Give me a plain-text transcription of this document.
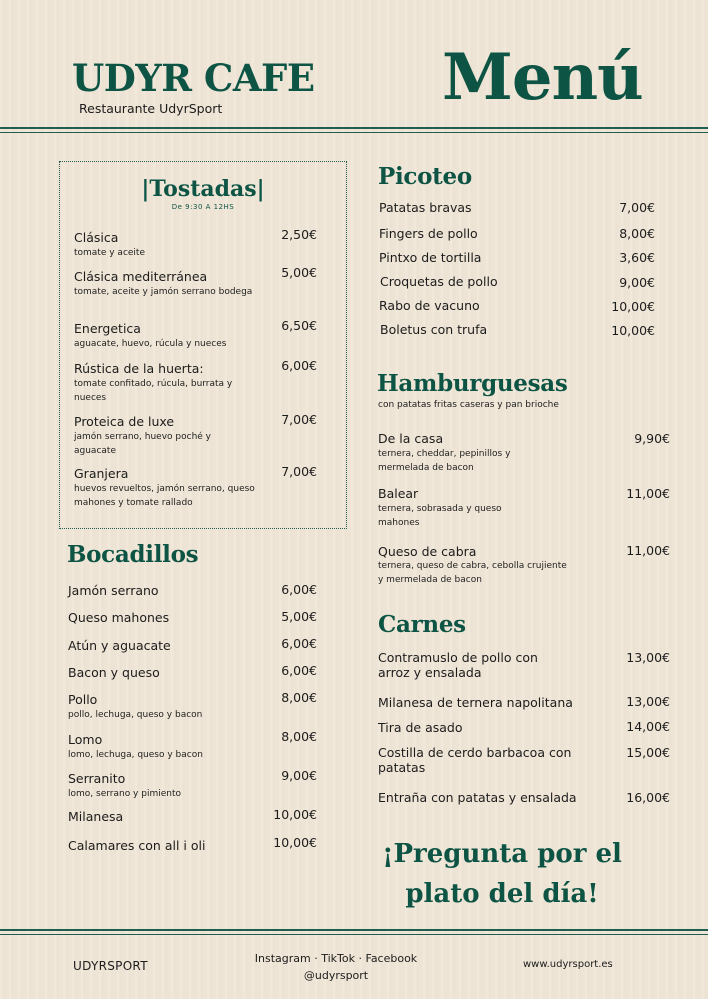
UDYR CAFE
Restaurante UdyrSport	Menú
|Tostadas|
De 9:30 A 12HS
Clásica
tomate y aceite
2,50€
Clásica mediterránea
tomate, aceite y jamón serrano bodega
5,00€
Energetica
aguacate, huevo, rúcula y nueces
6,50€
Rústica de la huerta:
tomate confitado, rúcula, burrata y nueces
6,00€
Proteica de luxe
jamón serrano, huevo poché y aguacate
7,00€
Granjera
huevos revueltos, jamón serrano, queso mahones y tomate rallado
7,00€
Bocadillos
Jamón serrano	6,00€
Queso mahones	5,00€
Atún y aguacate	6,00€
Bacon y queso	6,00€
Pollo
pollo, lechuga, queso y bacon
8,00€
Lomo
lomo, lechuga, queso y bacon
8,00€
Serranito
lomo, serrano y pimiento
9,00€
Milanesa	10,00€
Calamares con all i oli	10,00€
Picoteo
Patatas bravas	7,00€
Fingers de pollo	8,00€
Pintxo de tortilla	3,60€
Croquetas de pollo	9,00€
Rabo de vacuno	10,00€
Boletus con trufa	10,00€
Hamburguesas
con patatas fritas caseras y pan brioche
De la casa
ternera, cheddar, pepinillos y mermelada de bacon
9,90€
Balear
ternera, sobrasada y queso mahones
11,00€
Queso de cabra
ternera, queso de cabra, cebolla crujiente y mermelada de bacon
11,00€
Carnes
Contramuslo de pollo con arroz y ensalada
13,00€
Milanesa de ternera napolitana	13,00€
Tira de asado	14,00€
Costilla de cerdo barbacoa con patatas
15,00€
Entraña con patatas y ensalada	16,00€
¡Pregunta por el
plato del día!
UDYRSPORT
Instagram · TikTok · Facebook
@udyrsport
www.udyrsport.es
